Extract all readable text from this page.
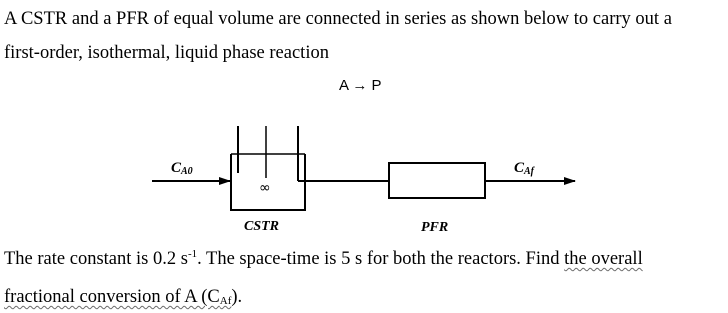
A CSTR and a PFR of equal volume are connected in series as shown below to carry out a
first-order, isothermal, liquid phase reaction
A → P
CA0
∞
CAf
CSTR	PFR
The rate constant is 0.2 $s^{-1}$. The space-time is 5 s for both the reactors. Find the overall
fractional conversion of A $(C_{Af})$.
